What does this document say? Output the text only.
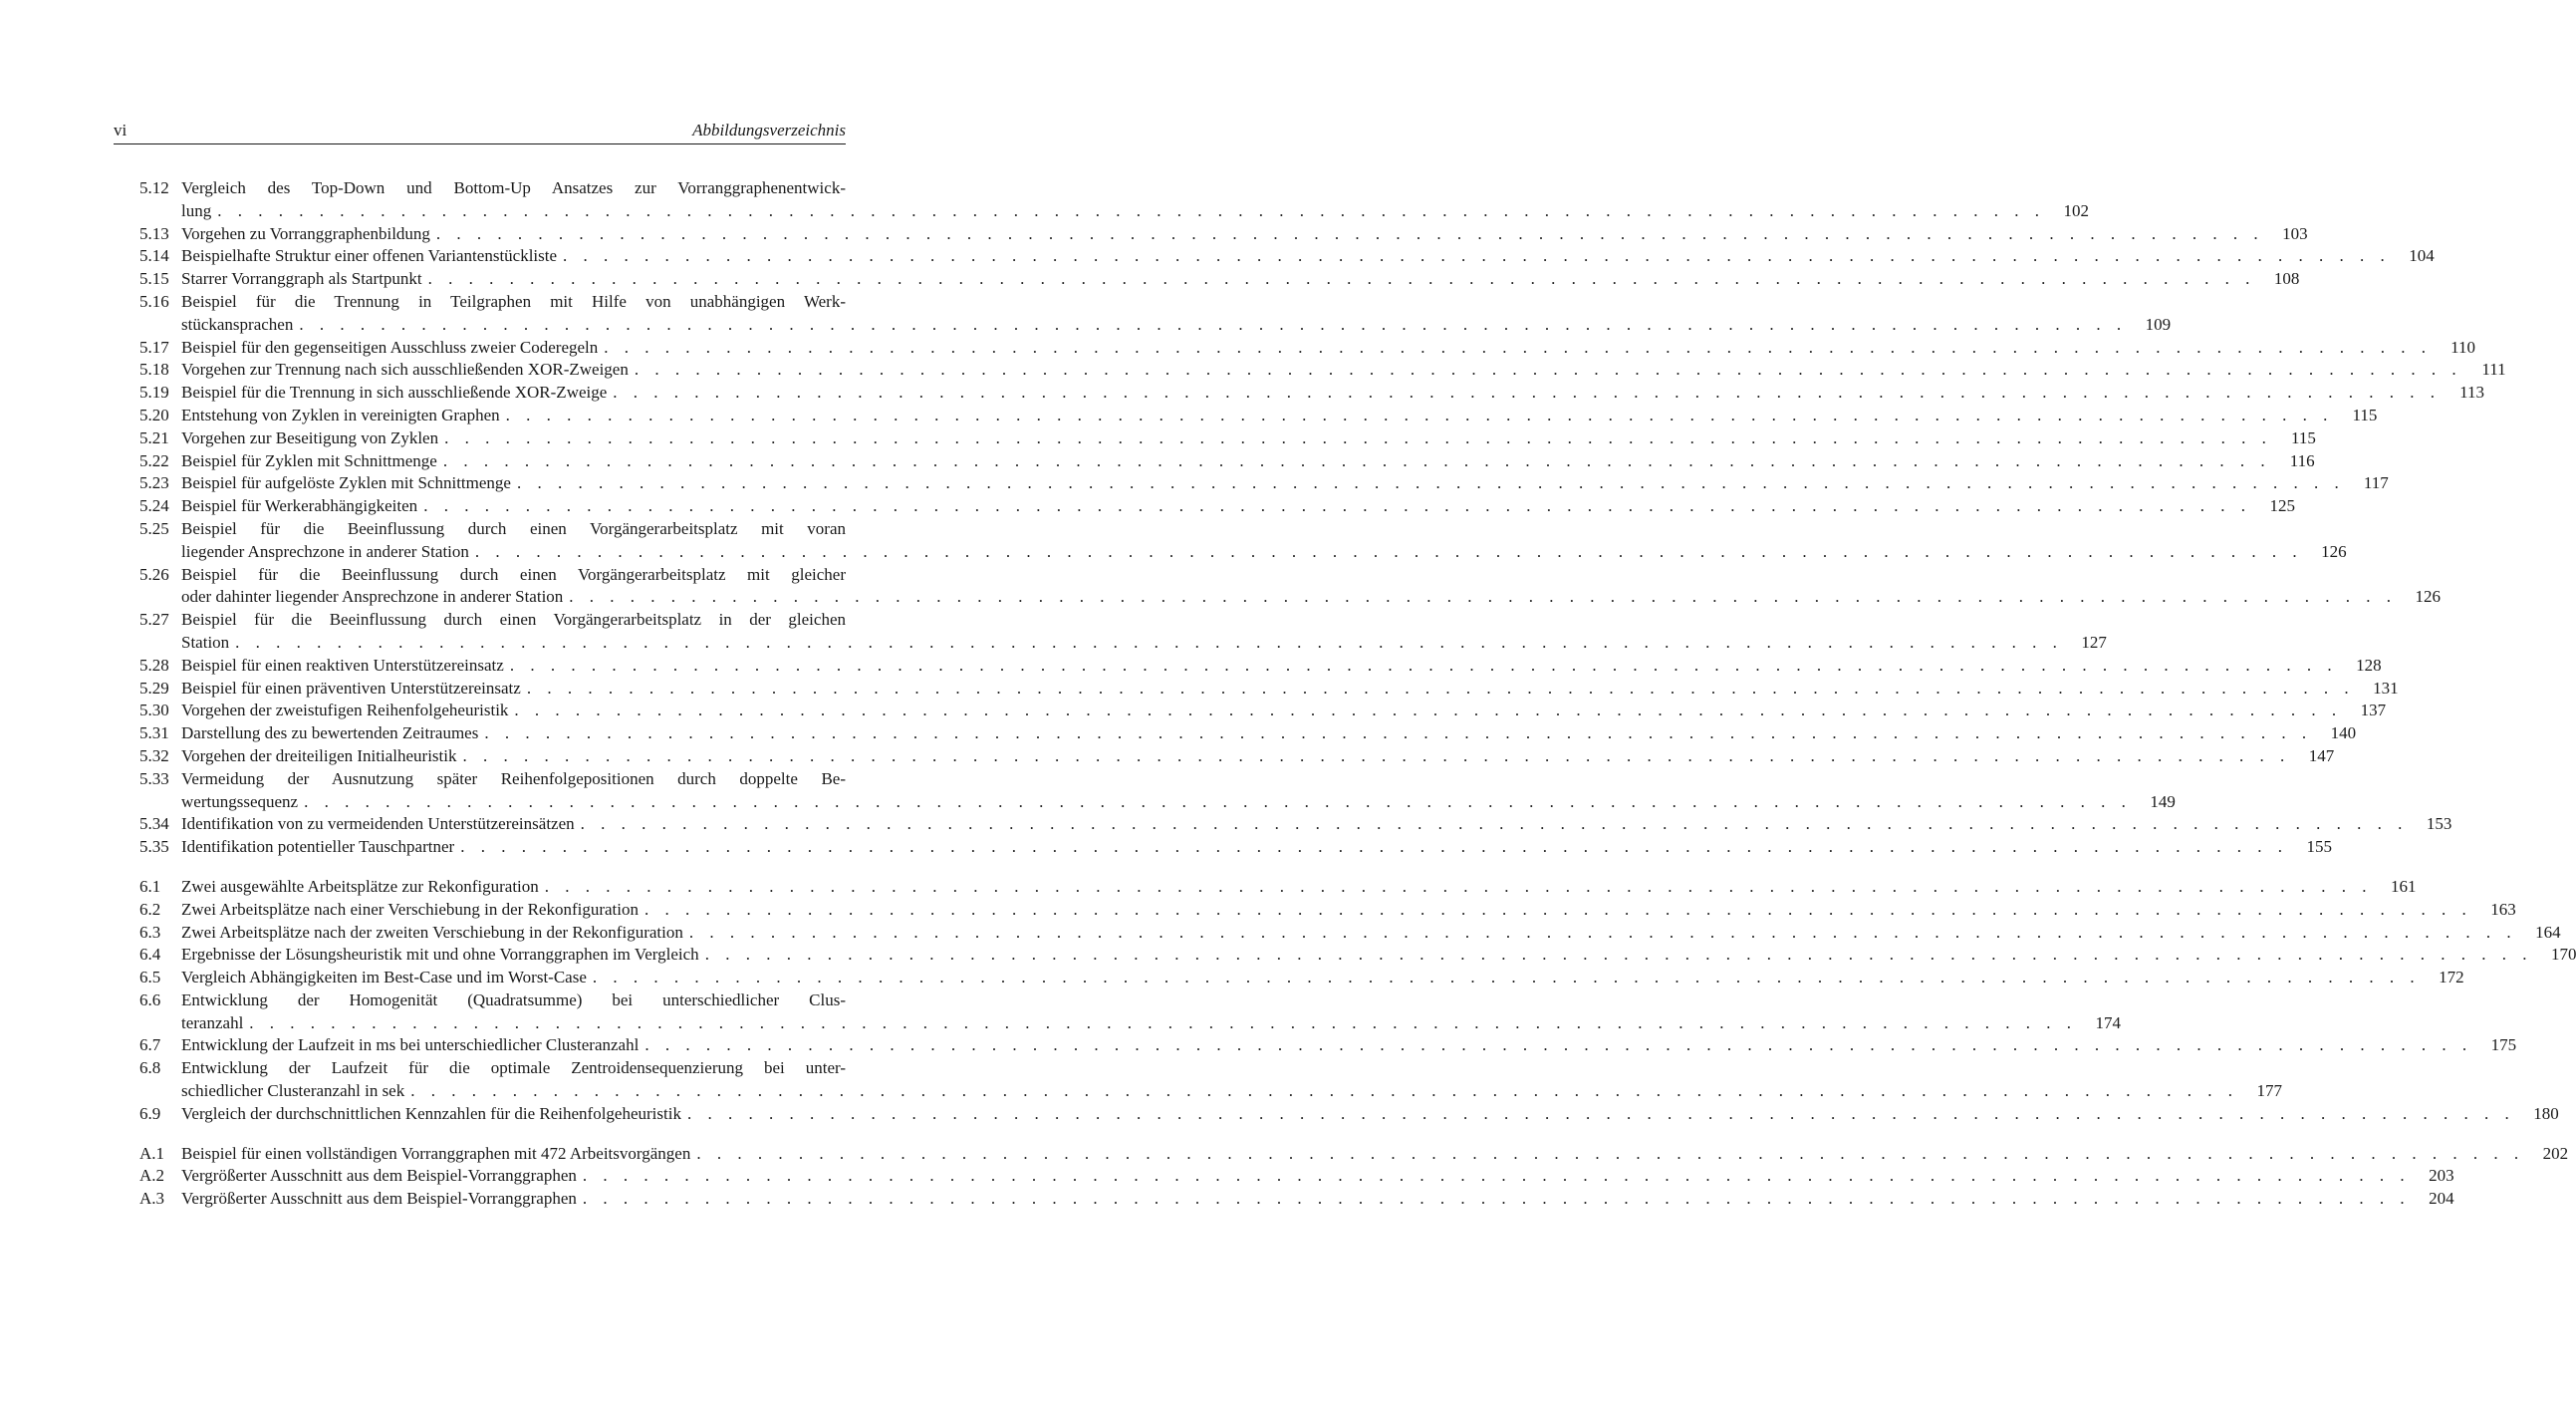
vi	Abbildungsverzeichnis
5.12 Vergleich des Top-Down und Bottom-Up Ansatzes zur Vorranggraphenentwick-
lung . . . . . . . . . . . . . . . . . . . . . . . . . . . . . . . . . . . . . . . . . . . . . . . . . . . . . . . . . . . . . . . . . . . . . . . . . . . . . . . . . . . . . . . . . .	102
5.13 Vorgehen zu Vorranggraphenbildung . . . . . . . . . . . . . . . . . . . . . . . . . . . . . . . . . . . . . . . . . . . . . . . . . . . . . . . . . . . . . . . . . . . . . . . . . . . . . . . . . . . . . . . . . .	103
5.14 Beispielhafte Struktur einer offenen Variantenstückliste . . . . . . . . . . . . . . . . . . . . . . . . . . . . . . . . . . . . . . . . . . . . . . . . . . . . . . . . . . . . . . . . . . . . . . . . . . . . . . . . . . . . . . . . . .	104
5.15 Starrer Vorranggraph als Startpunkt . . . . . . . . . . . . . . . . . . . . . . . . . . . . . . . . . . . . . . . . . . . . . . . . . . . . . . . . . . . . . . . . . . . . . . . . . . . . . . . . . . . . . . . . . .	108
5.16 Beispiel für die Trennung in Teilgraphen mit Hilfe von unabhängigen Werk-
stückansprachen . . . . . . . . . . . . . . . . . . . . . . . . . . . . . . . . . . . . . . . . . . . . . . . . . . . . . . . . . . . . . . . . . . . . . . . . . . . . . . . . . . . . . . . . . .	109
5.17 Beispiel für den gegenseitigen Ausschluss zweier Coderegeln . . . . . . . . . . . . . . . . . . . . . . . . . . . . . . . . . . . . . . . . . . . . . . . . . . . . . . . . . . . . . . . . . . . . . . . . . . . . . . . . . . . . . . . . . .	110
5.18 Vorgehen zur Trennung nach sich ausschließenden XOR-Zweigen . . . . . . . . . . . . . . . . . . . . . . . . . . . . . . . . . . . . . . . . . . . . . . . . . . . . . . . . . . . . . . . . . . . . . . . . . . . . . . . . . . . . . . . . . .	111
5.19 Beispiel für die Trennung in sich ausschließende XOR-Zweige . . . . . . . . . . . . . . . . . . . . . . . . . . . . . . . . . . . . . . . . . . . . . . . . . . . . . . . . . . . . . . . . . . . . . . . . . . . . . . . . . . . . . . . . . .	113
5.20 Entstehung von Zyklen in vereinigten Graphen . . . . . . . . . . . . . . . . . . . . . . . . . . . . . . . . . . . . . . . . . . . . . . . . . . . . . . . . . . . . . . . . . . . . . . . . . . . . . . . . . . . . . . . . . .	115
5.21 Vorgehen zur Beseitigung von Zyklen . . . . . . . . . . . . . . . . . . . . . . . . . . . . . . . . . . . . . . . . . . . . . . . . . . . . . . . . . . . . . . . . . . . . . . . . . . . . . . . . . . . . . . . . . .	115
5.22 Beispiel für Zyklen mit Schnittmenge . . . . . . . . . . . . . . . . . . . . . . . . . . . . . . . . . . . . . . . . . . . . . . . . . . . . . . . . . . . . . . . . . . . . . . . . . . . . . . . . . . . . . . . . . .	116
5.23 Beispiel für aufgelöste Zyklen mit Schnittmenge . . . . . . . . . . . . . . . . . . . . . . . . . . . . . . . . . . . . . . . . . . . . . . . . . . . . . . . . . . . . . . . . . . . . . . . . . . . . . . . . . . . . . . . . . .	117
5.24 Beispiel für Werkerabhängigkeiten . . . . . . . . . . . . . . . . . . . . . . . . . . . . . . . . . . . . . . . . . . . . . . . . . . . . . . . . . . . . . . . . . . . . . . . . . . . . . . . . . . . . . . . . . .	125
5.25 Beispiel für die Beeinflussung durch einen Vorgängerarbeitsplatz mit voran
liegender Ansprechzone in anderer Station . . . . . . . . . . . . . . . . . . . . . . . . . . . . . . . . . . . . . . . . . . . . . . . . . . . . . . . . . . . . . . . . . . . . . . . . . . . . . . . . . . . . . . . . . .	126
5.26 Beispiel für die Beeinflussung durch einen Vorgängerarbeitsplatz mit gleicher
oder dahinter liegender Ansprechzone in anderer Station . . . . . . . . . . . . . . . . . . . . . . . . . . . . . . . . . . . . . . . . . . . . . . . . . . . . . . . . . . . . . . . . . . . . . . . . . . . . . . . . . . . . . . . . . .	126
5.27 Beispiel für die Beeinflussung durch einen Vorgängerarbeitsplatz in der gleichen
Station . . . . . . . . . . . . . . . . . . . . . . . . . . . . . . . . . . . . . . . . . . . . . . . . . . . . . . . . . . . . . . . . . . . . . . . . . . . . . . . . . . . . . . . . . .	127
5.28 Beispiel für einen reaktiven Unterstützereinsatz . . . . . . . . . . . . . . . . . . . . . . . . . . . . . . . . . . . . . . . . . . . . . . . . . . . . . . . . . . . . . . . . . . . . . . . . . . . . . . . . . . . . . . . . . .	128
5.29 Beispiel für einen präventiven Unterstützereinsatz . . . . . . . . . . . . . . . . . . . . . . . . . . . . . . . . . . . . . . . . . . . . . . . . . . . . . . . . . . . . . . . . . . . . . . . . . . . . . . . . . . . . . . . . . .	131
5.30 Vorgehen der zweistufigen Reihenfolgeheuristik . . . . . . . . . . . . . . . . . . . . . . . . . . . . . . . . . . . . . . . . . . . . . . . . . . . . . . . . . . . . . . . . . . . . . . . . . . . . . . . . . . . . . . . . . .	137
5.31 Darstellung des zu bewertenden Zeitraumes . . . . . . . . . . . . . . . . . . . . . . . . . . . . . . . . . . . . . . . . . . . . . . . . . . . . . . . . . . . . . . . . . . . . . . . . . . . . . . . . . . . . . . . . . .	140
5.32 Vorgehen der dreiteiligen Initialheuristik . . . . . . . . . . . . . . . . . . . . . . . . . . . . . . . . . . . . . . . . . . . . . . . . . . . . . . . . . . . . . . . . . . . . . . . . . . . . . . . . . . . . . . . . . .	147
5.33 Vermeidung der Ausnutzung später Reihenfolgepositionen durch doppelte Be-
wertungssequenz . . . . . . . . . . . . . . . . . . . . . . . . . . . . . . . . . . . . . . . . . . . . . . . . . . . . . . . . . . . . . . . . . . . . . . . . . . . . . . . . . . . . . . . . . .	149
5.34 Identifikation von zu vermeidenden Unterstützereinsätzen . . . . . . . . . . . . . . . . . . . . . . . . . . . . . . . . . . . . . . . . . . . . . . . . . . . . . . . . . . . . . . . . . . . . . . . . . . . . . . . . . . . . . . . . . .	153
5.35 Identifikation potentieller Tauschpartner . . . . . . . . . . . . . . . . . . . . . . . . . . . . . . . . . . . . . . . . . . . . . . . . . . . . . . . . . . . . . . . . . . . . . . . . . . . . . . . . . . . . . . . . . .	155
6.1	Zwei ausgewählte Arbeitsplätze zur Rekonfiguration . . . . . . . . . . . . . . . . . . . . . . . . . . . . . . . . . . . . . . . . . . . . . . . . . . . . . . . . . . . . . . . . . . . . . . . . . . . . . . . . . . . . . . . . . .	161
6.2	Zwei Arbeitsplätze nach einer Verschiebung in der Rekonfiguration . . . . . . . . . . . . . . . . . . . . . . . . . . . . . . . . . . . . . . . . . . . . . . . . . . . . . . . . . . . . . . . . . . . . . . . . . . . . . . . . . . . . . . . . . .	163
6.3	Zwei Arbeitsplätze nach der zweiten Verschiebung in der Rekonfiguration . . . . . . . . . . . . . . . . . . . . . . . . . . . . . . . . . . . . . . . . . . . . . . . . . . . . . . . . . . . . . . . . . . . . . . . . . . . . . . . . . . . . . . . . . .	164
6.4	Ergebnisse der Lösungsheuristik mit und ohne Vorranggraphen im Vergleich . . . . . . . . . . . . . . . . . . . . . . . . . . . . . . . . . . . . . . . . . . . . . . . . . . . . . . . . . . . . . . . . . . . . . . . . . . . . . . . . . . . . . . . . . .	170
6.5	Vergleich Abhängigkeiten im Best-Case und im Worst-Case . . . . . . . . . . . . . . . . . . . . . . . . . . . . . . . . . . . . . . . . . . . . . . . . . . . . . . . . . . . . . . . . . . . . . . . . . . . . . . . . . . . . . . . . . .	172
6.6	Entwicklung der Homogenität (Quadratsumme) bei unterschiedlicher Clus-
teranzahl . . . . . . . . . . . . . . . . . . . . . . . . . . . . . . . . . . . . . . . . . . . . . . . . . . . . . . . . . . . . . . . . . . . . . . . . . . . . . . . . . . . . . . . . . .	174
6.7	Entwicklung der Laufzeit in ms bei unterschiedlicher Clusteranzahl . . . . . . . . . . . . . . . . . . . . . . . . . . . . . . . . . . . . . . . . . . . . . . . . . . . . . . . . . . . . . . . . . . . . . . . . . . . . . . . . . . . . . . . . . .	175
6.8	Entwicklung der Laufzeit für die optimale Zentroidensequenzierung bei unter-
schiedlicher Clusteranzahl in sek . . . . . . . . . . . . . . . . . . . . . . . . . . . . . . . . . . . . . . . . . . . . . . . . . . . . . . . . . . . . . . . . . . . . . . . . . . . . . . . . . . . . . . . . . .	177
6.9	Vergleich der durchschnittlichen Kennzahlen für die Reihenfolgeheuristik . . . . . . . . . . . . . . . . . . . . . . . . . . . . . . . . . . . . . . . . . . . . . . . . . . . . . . . . . . . . . . . . . . . . . . . . . . . . . . . . . . . . . . . . . .	180
A.1 Beispiel für einen vollständigen Vorranggraphen mit 472 Arbeitsvorgängen . . . . . . . . . . . . . . . . . . . . . . . . . . . . . . . . . . . . . . . . . . . . . . . . . . . . . . . . . . . . . . . . . . . . . . . . . . . . . . . . . . . . . . . . . .	202
A.2 Vergrößerter Ausschnitt aus dem Beispiel-Vorranggraphen . . . . . . . . . . . . . . . . . . . . . . . . . . . . . . . . . . . . . . . . . . . . . . . . . . . . . . . . . . . . . . . . . . . . . . . . . . . . . . . . . . . . . . . . . .	203
A.3 Vergrößerter Ausschnitt aus dem Beispiel-Vorranggraphen . . . . . . . . . . . . . . . . . . . . . . . . . . . . . . . . . . . . . . . . . . . . . . . . . . . . . . . . . . . . . . . . . . . . . . . . . . . . . . . . . . . . . . . . . .	204
